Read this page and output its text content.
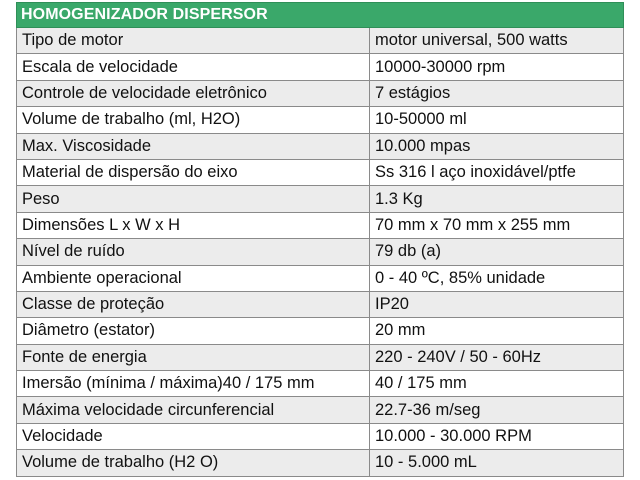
HOMOGENIZADOR DISPERSOR	
Tipo de motor	motor universal, 500 watts
Escala de velocidade	10000-30000 rpm
Controle de velocidade eletrônico	7 estágios
Volume de trabalho (ml, H2O)	10-50000 ml
Max. Viscosidade	10.000 mpas
Material de dispersão do eixo	Ss 316 l aço inoxidável/ptfe
Peso	1.3 Kg
Dimensões L x W x H	70 mm x 70 mm x 255 mm
Nível de ruído	79 db (a)
Ambiente operacional	0 - 40 ºC, 85% unidade
Classe de proteção	IP20
Diâmetro (estator)	20 mm
Fonte de energia	220 - 240V / 50 - 60Hz
Imersão (mínima / máxima)40 / 175 mm	40 / 175 mm
Máxima velocidade circunferencial	22.7-36 m/seg
Velocidade	10.000 - 30.000 RPM
Volume de trabalho (H2 O)	10 - 5.000 mL
